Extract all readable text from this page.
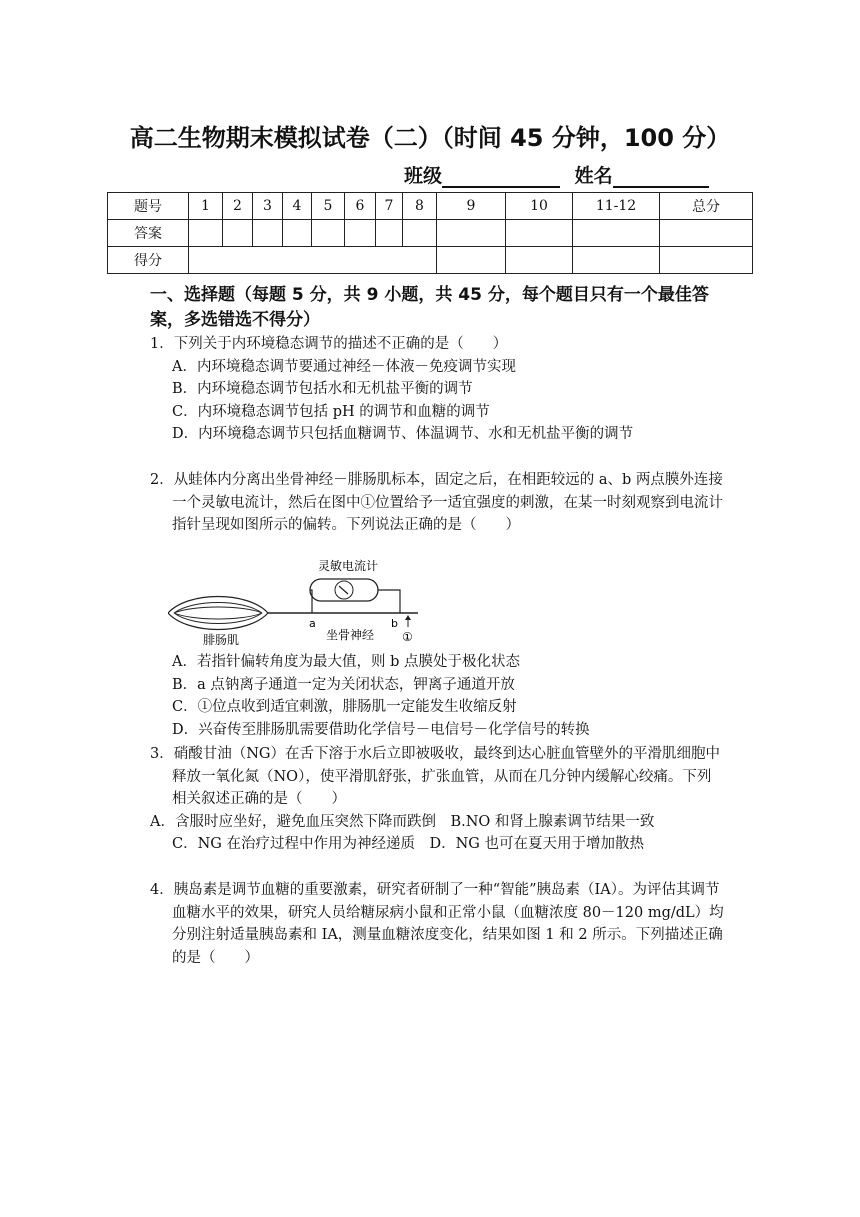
高二生物期末模拟试卷（二）（时间 45 分钟，100 分）
班级	姓名
题号	1	2	3	4	5	6	7	8	9	10	11-12	总分
答案												
得分												
一、选择题（每题 5 分，共 9 小题，共 45 分，每个题目只有一个最佳答案，多选错选不得分）
1．下列关于内环境稳态调节的描述不正确的是（　　）
A．内环境稳态调节要通过神经－体液－免疫调节实现
B．内环境稳态调节包括水和无机盐平衡的调节
C．内环境稳态调节包括 pH 的调节和血糖的调节
D．内环境稳态调节只包括血糖调节、体温调节、水和无机盐平衡的调节
2．从蛙体内分离出坐骨神经－腓肠肌标本，固定之后，在相距较远的 a、b 两点膜外连接一个灵敏电流计，然后在图中①位置给予一适宜强度的刺激，在某一时刻观察到电流计指针呈现如图所示的偏转。下列说法正确的是（　　）
灵敏电流计
a	b
①
腓肠肌	坐骨神经
A．若指针偏转角度为最大值，则 b 点膜处于极化状态
B．a 点钠离子通道一定为关闭状态，钾离子通道开放
C．①位点收到适宜刺激，腓肠肌一定能发生收缩反射
D．兴奋传至腓肠肌需要借助化学信号－电信号－化学信号的转换
3．硝酸甘油（NG）在舌下溶于水后立即被吸收，最终到达心脏血管壁外的平滑肌细胞中释放一氧化氮（NO），使平滑肌舒张，扩张血管，从而在几分钟内缓解心绞痛。下列相关叙述正确的是（　　）
A．含服时应坐好，避免血压突然下降而跌倒　B.NO 和肾上腺素调节结果一致
C．NG 在治疗过程中作用为神经递质　D．NG 也可在夏天用于增加散热
4．胰岛素是调节血糖的重要激素，研究者研制了一种“智能”胰岛素（IA）。为评估其调节血糖水平的效果，研究人员给糖尿病小鼠和正常小鼠（血糖浓度 80－120 mg/dL）均分别注射适量胰岛素和 IA，测量血糖浓度变化，结果如图 1 和 2 所示。下列描述正确的是（　　）
